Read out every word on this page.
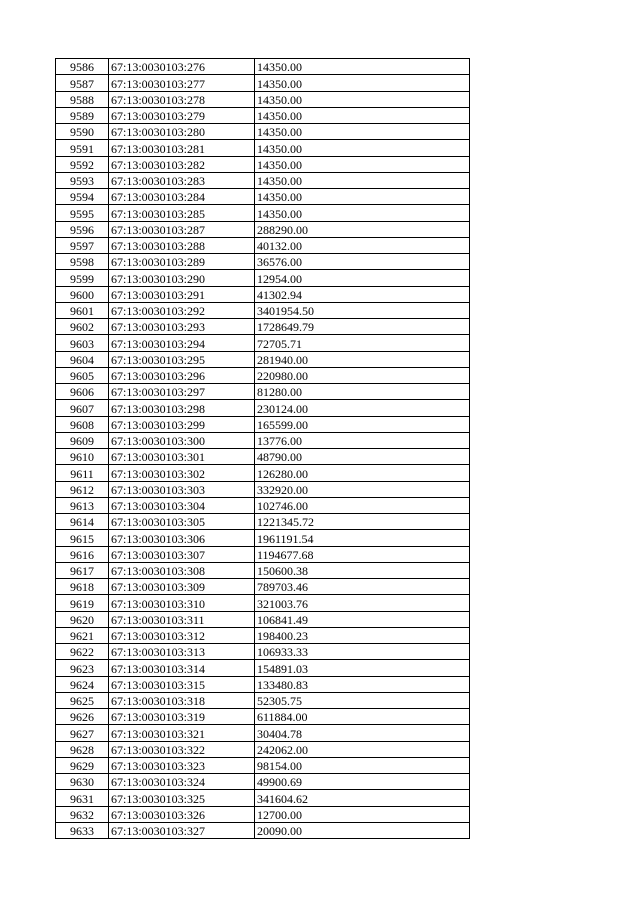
9586	67:13:0030103:276	14350.00
9587	67:13:0030103:277	14350.00
9588	67:13:0030103:278	14350.00
9589	67:13:0030103:279	14350.00
9590	67:13:0030103:280	14350.00
9591	67:13:0030103:281	14350.00
9592	67:13:0030103:282	14350.00
9593	67:13:0030103:283	14350.00
9594	67:13:0030103:284	14350.00
9595	67:13:0030103:285	14350.00
9596	67:13:0030103:287	288290.00
9597	67:13:0030103:288	40132.00
9598	67:13:0030103:289	36576.00
9599	67:13:0030103:290	12954.00
9600	67:13:0030103:291	41302.94
9601	67:13:0030103:292	3401954.50
9602	67:13:0030103:293	1728649.79
9603	67:13:0030103:294	72705.71
9604	67:13:0030103:295	281940.00
9605	67:13:0030103:296	220980.00
9606	67:13:0030103:297	81280.00
9607	67:13:0030103:298	230124.00
9608	67:13:0030103:299	165599.00
9609	67:13:0030103:300	13776.00
9610	67:13:0030103:301	48790.00
9611	67:13:0030103:302	126280.00
9612	67:13:0030103:303	332920.00
9613	67:13:0030103:304	102746.00
9614	67:13:0030103:305	1221345.72
9615	67:13:0030103:306	1961191.54
9616	67:13:0030103:307	1194677.68
9617	67:13:0030103:308	150600.38
9618	67:13:0030103:309	789703.46
9619	67:13:0030103:310	321003.76
9620	67:13:0030103:311	106841.49
9621	67:13:0030103:312	198400.23
9622	67:13:0030103:313	106933.33
9623	67:13:0030103:314	154891.03
9624	67:13:0030103:315	133480.83
9625	67:13:0030103:318	52305.75
9626	67:13:0030103:319	611884.00
9627	67:13:0030103:321	30404.78
9628	67:13:0030103:322	242062.00
9629	67:13:0030103:323	98154.00
9630	67:13:0030103:324	49900.69
9631	67:13:0030103:325	341604.62
9632	67:13:0030103:326	12700.00
9633	67:13:0030103:327	20090.00
